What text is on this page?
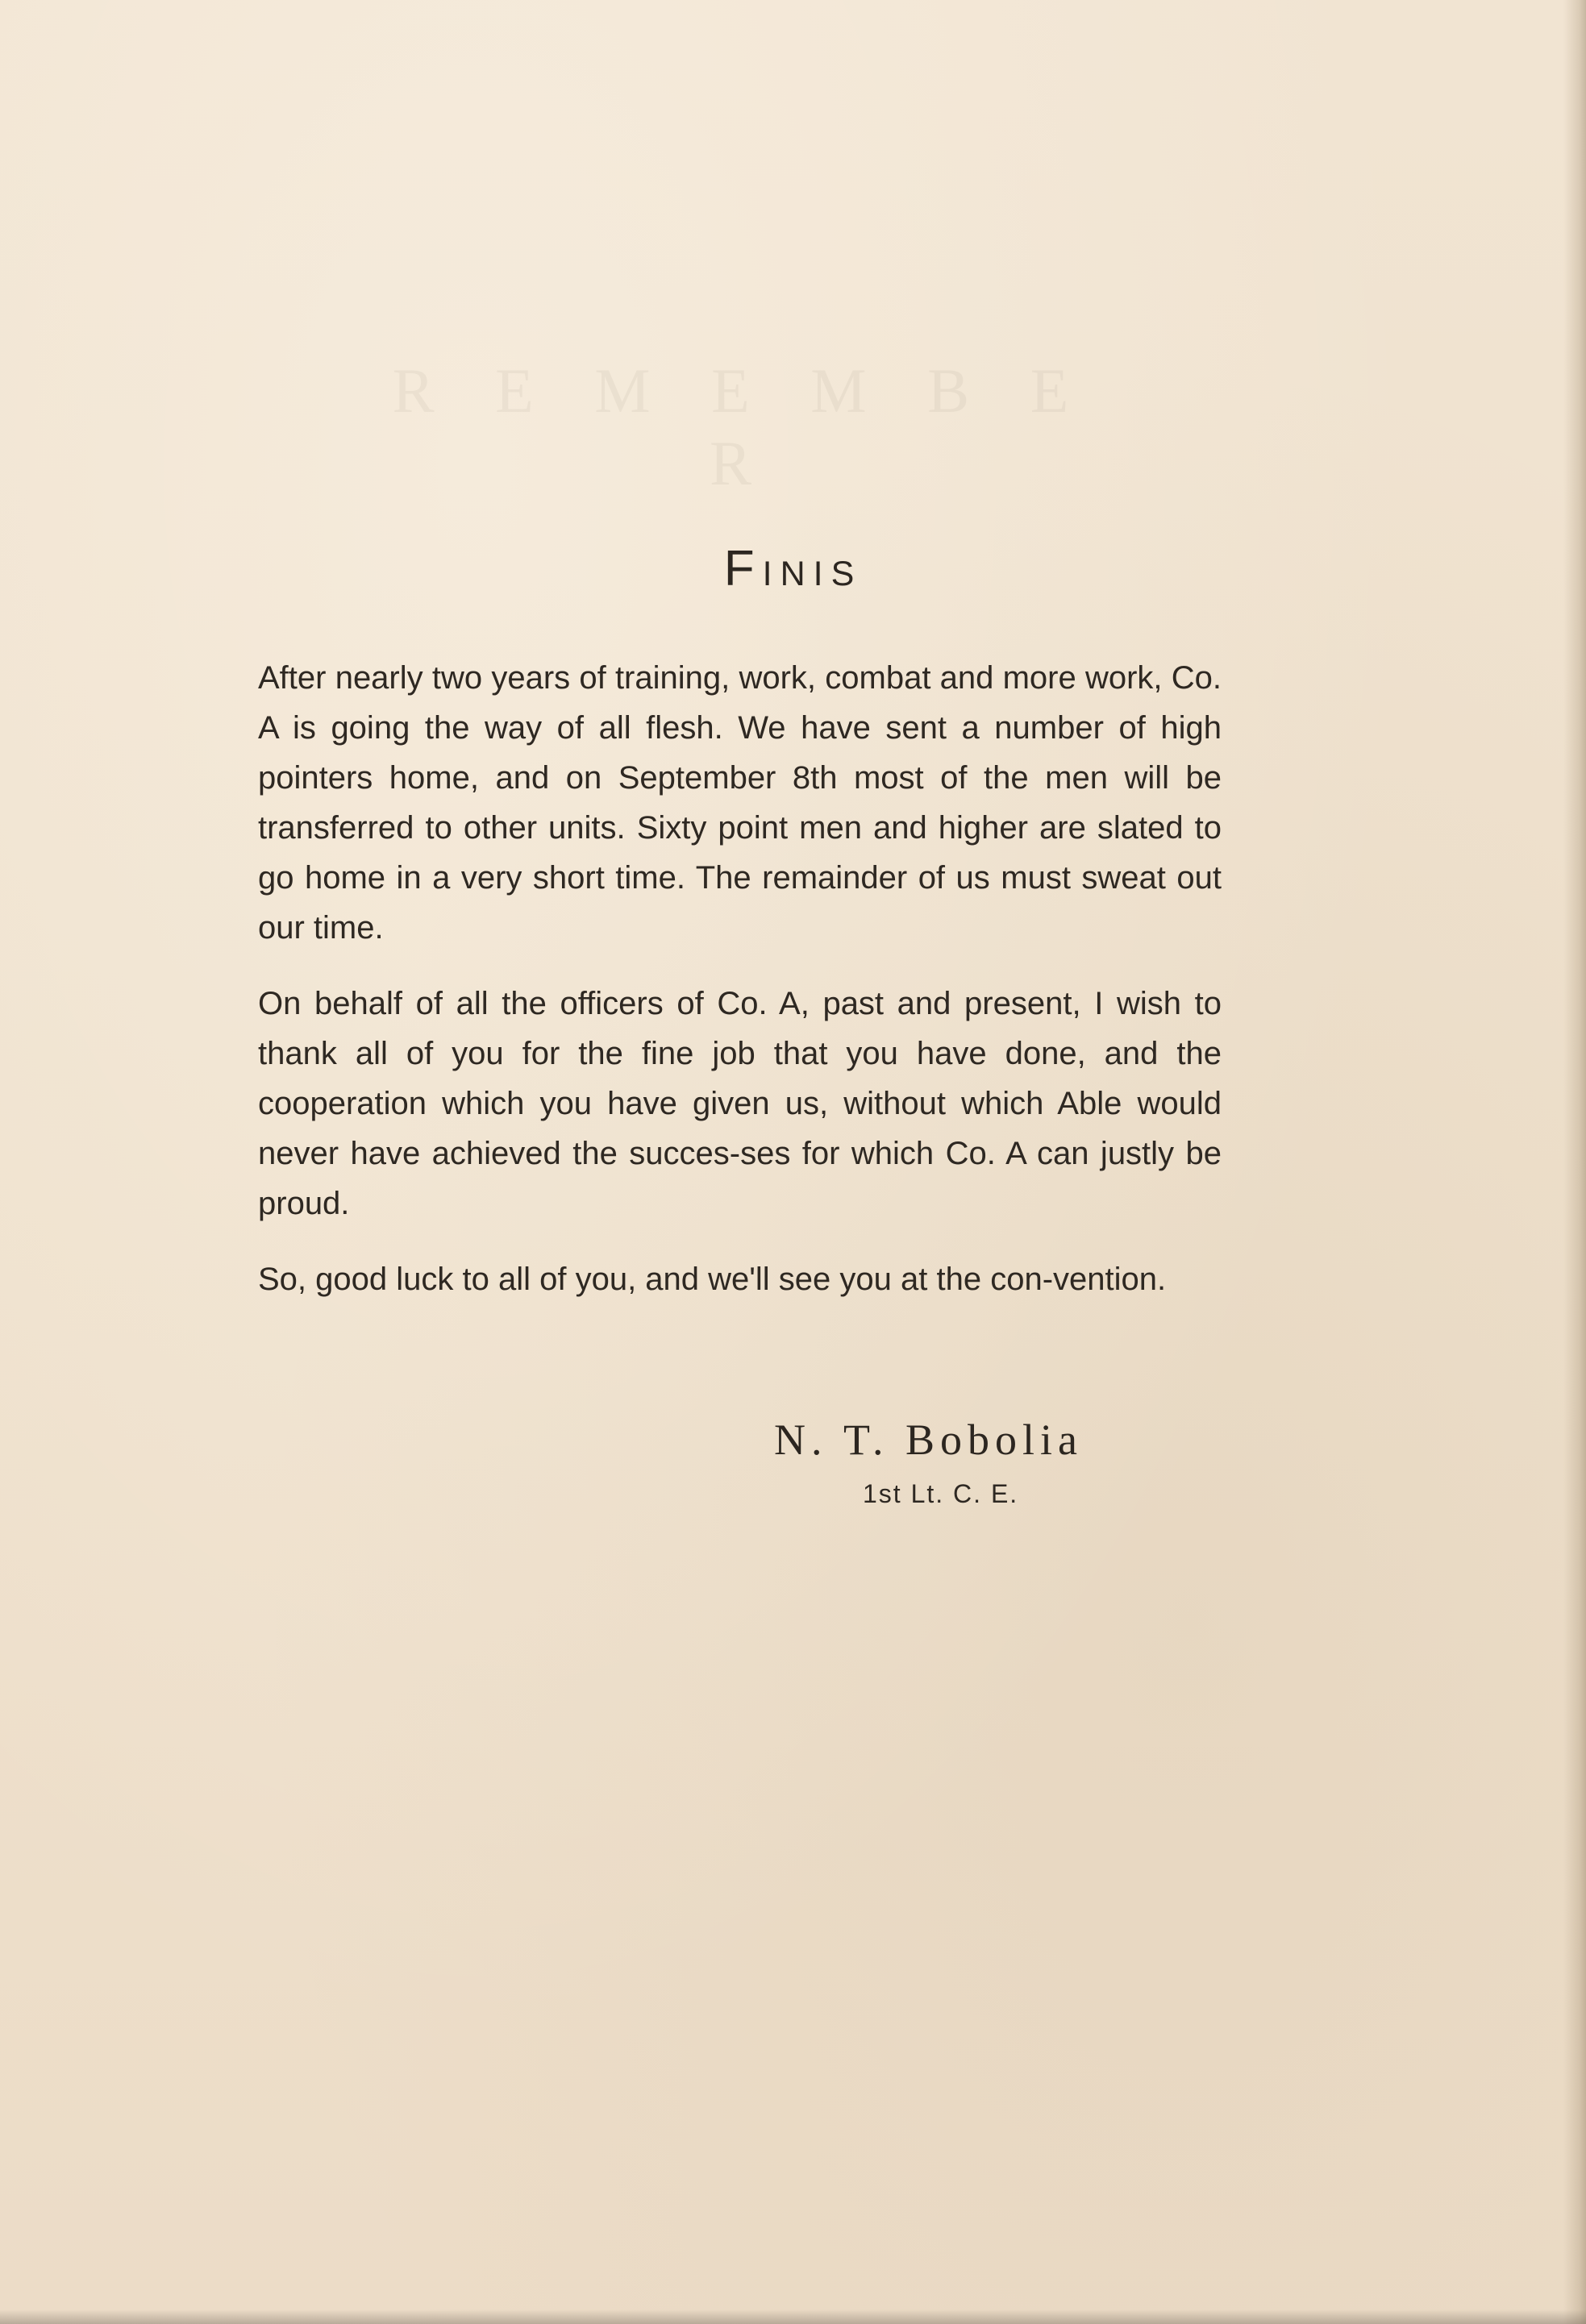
R E M E M B E R
Finis

After nearly two years of training, work, combat and more work, Co. A is going the way of all flesh. We have sent a number of high pointers home, and on September 8th most of the men will be transferred to other units. Sixty point men and higher are slated to go home in a very short time. The remainder of us must sweat out our time.

On behalf of all the officers of Co. A, past and present, I wish to thank all of you for the fine job that you have done, and the cooperation which you have given us, without which Able would never have achieved the succes-ses for which Co. A can justly be proud.

So, good luck to all of you, and we'll see you at the con-vention.

N. T. Bobolia
1st Lt. C. E.
